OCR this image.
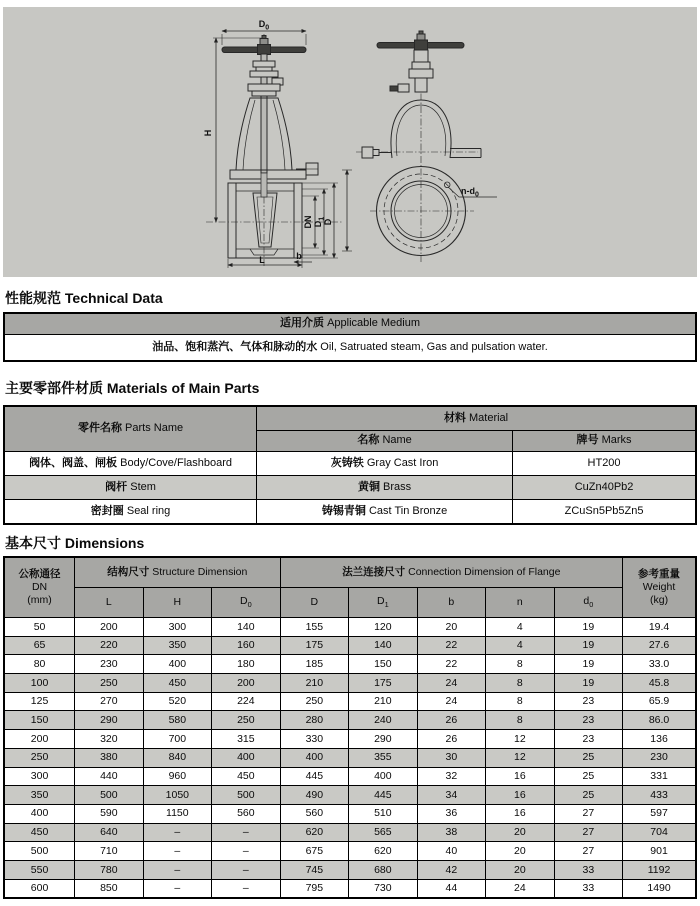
$D_0$
H
DN $D_1$
D
L	b
$n-d_0$
性能规范 Technical Data
适用介质 Applicable Medium
油品、饱和蒸汽、气体和脉动的水 Oil, Satruated steam, Gas and pulsation water.
主要零部件材质 Materials of Main Parts
零件名称 Parts Name	材料 Material	
	名称 Name	牌号 Marks
阀体、阀盖、闸板 Body/Cove/Flashboard	灰铸铁 Gray Cast Iron	HT200
阀杆 Stem	黄铜 Brass	CuZn40Pb2
密封圈 Seal ring	铸锡青铜 Cast Tin Bronze	ZCuSn5Pb5Zn5
基本尺寸 Dimensions
公称通径
DN
(mm)	结构尺寸 Structure Dimension			法兰连接尺寸 Connection Dimension of Flange					参考重量
Weight
(kg)
	L	H	$D_0$	D	$D_1$	b	n	$d_0$
50	200	300	140	155	120	20	4	19	19.4
65	220	350	160	175	140	22	4	19	27.6
80	230	400	180	185	150	22	8	19	33.0
100	250	450	200	210	175	24	8	19	45.8
125	270	520	224	250	210	24	8	23	65.9
150	290	580	250	280	240	26	8	23	86.0
200	320	700	315	330	290	26	12	23	136
250	380	840	400	400	355	30	12	25	230
300	440	960	450	445	400	32	16	25	331
350	500	1050	500	490	445	34	16	25	433
400	590	1150	560	560	510	36	16	27	597
450	640	–	–	620	565	38	20	27	704
500	710	–	–	675	620	40	20	27	901
550	780	–	–	745	680	42	20	33	1192
600	850	–	–	795	730	44	24	33	1490
